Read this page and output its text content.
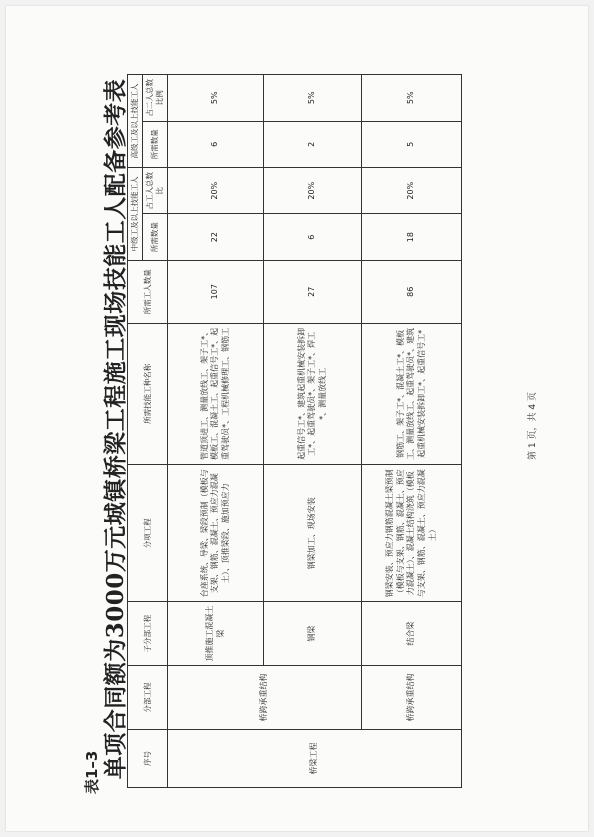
表1–3 单项合同额为3000万元城镇桥梁工程施工现场技能工人配备参考表 序号	分部工程	子分部工程	分项工程	所需技能工种名称	所需工人数量	中级工及以上技能工人		高级工及以上技能工人	
						所需数量	占工人总数比	所需数量	占二人总数比例
桥梁工程	桥跨承重结构	顶推施工混凝土梁	台座系统、导梁、梁段预制（模板与支架、钢筋、混凝土、预应力混凝土）、顶推梁段、施加预应力	管道顶进工、测量放线工、架子工*、模板工、混凝土工、起重信号工*、起重驾驶员*、工程机械修理工、钢筋工	107	22	20%	6	5%
		钢梁	钢梁加工、现场安装	起重信号工*、建筑起重机械安装拆卸工*、起重驾驶员*、架子工*、焊工*、测量放线工	27	6	20%	2	5%
	桥跨承重结构	结合梁	钢梁安装、预应力钢筋混凝土梁预制（模板与支架、钢筋、混凝土、预应力混凝土）、混凝土结构浇筑（模板与支架、钢筋、混凝土、预应力混凝土）	钢筋工、架子工*、混凝土工*、模板工、测量放线工、起重驾驶员*、建筑起重机械安装拆卸工*、起重信号工*	86	18	20%	5	5%
第 1 页，共 4 页
